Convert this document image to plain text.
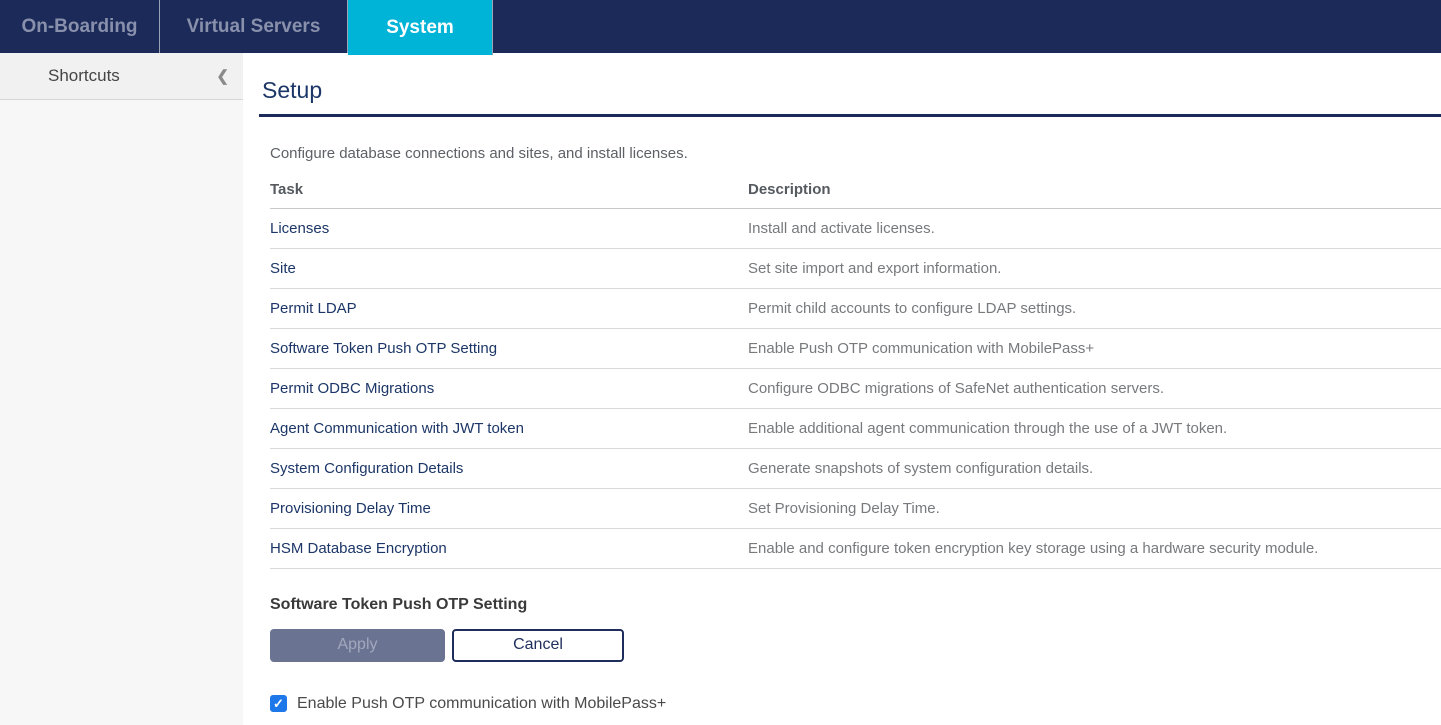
On-Boarding	Virtual Servers	System
Shortcuts	❮
Setup

Configure database connections and sites, and install licenses.

Task	Description
Licenses	Install and activate licenses.
Site	Set site import and export information.
Permit LDAP	Permit child accounts to configure LDAP settings.
Software Token Push OTP Setting	Enable Push OTP communication with MobilePass+
Permit ODBC Migrations	Configure ODBC migrations of SafeNet authentication servers.
Agent Communication with JWT token	Enable additional agent communication through the use of a JWT token.
System Configuration Details	Generate snapshots of system configuration details.
Provisioning Delay Time	Set Provisioning Delay Time.
HSM Database Encryption	Enable and configure token encryption key storage using a hardware security module.
Software Token Push OTP Setting
Apply	Cancel
✓ Enable Push OTP communication with MobilePass+
